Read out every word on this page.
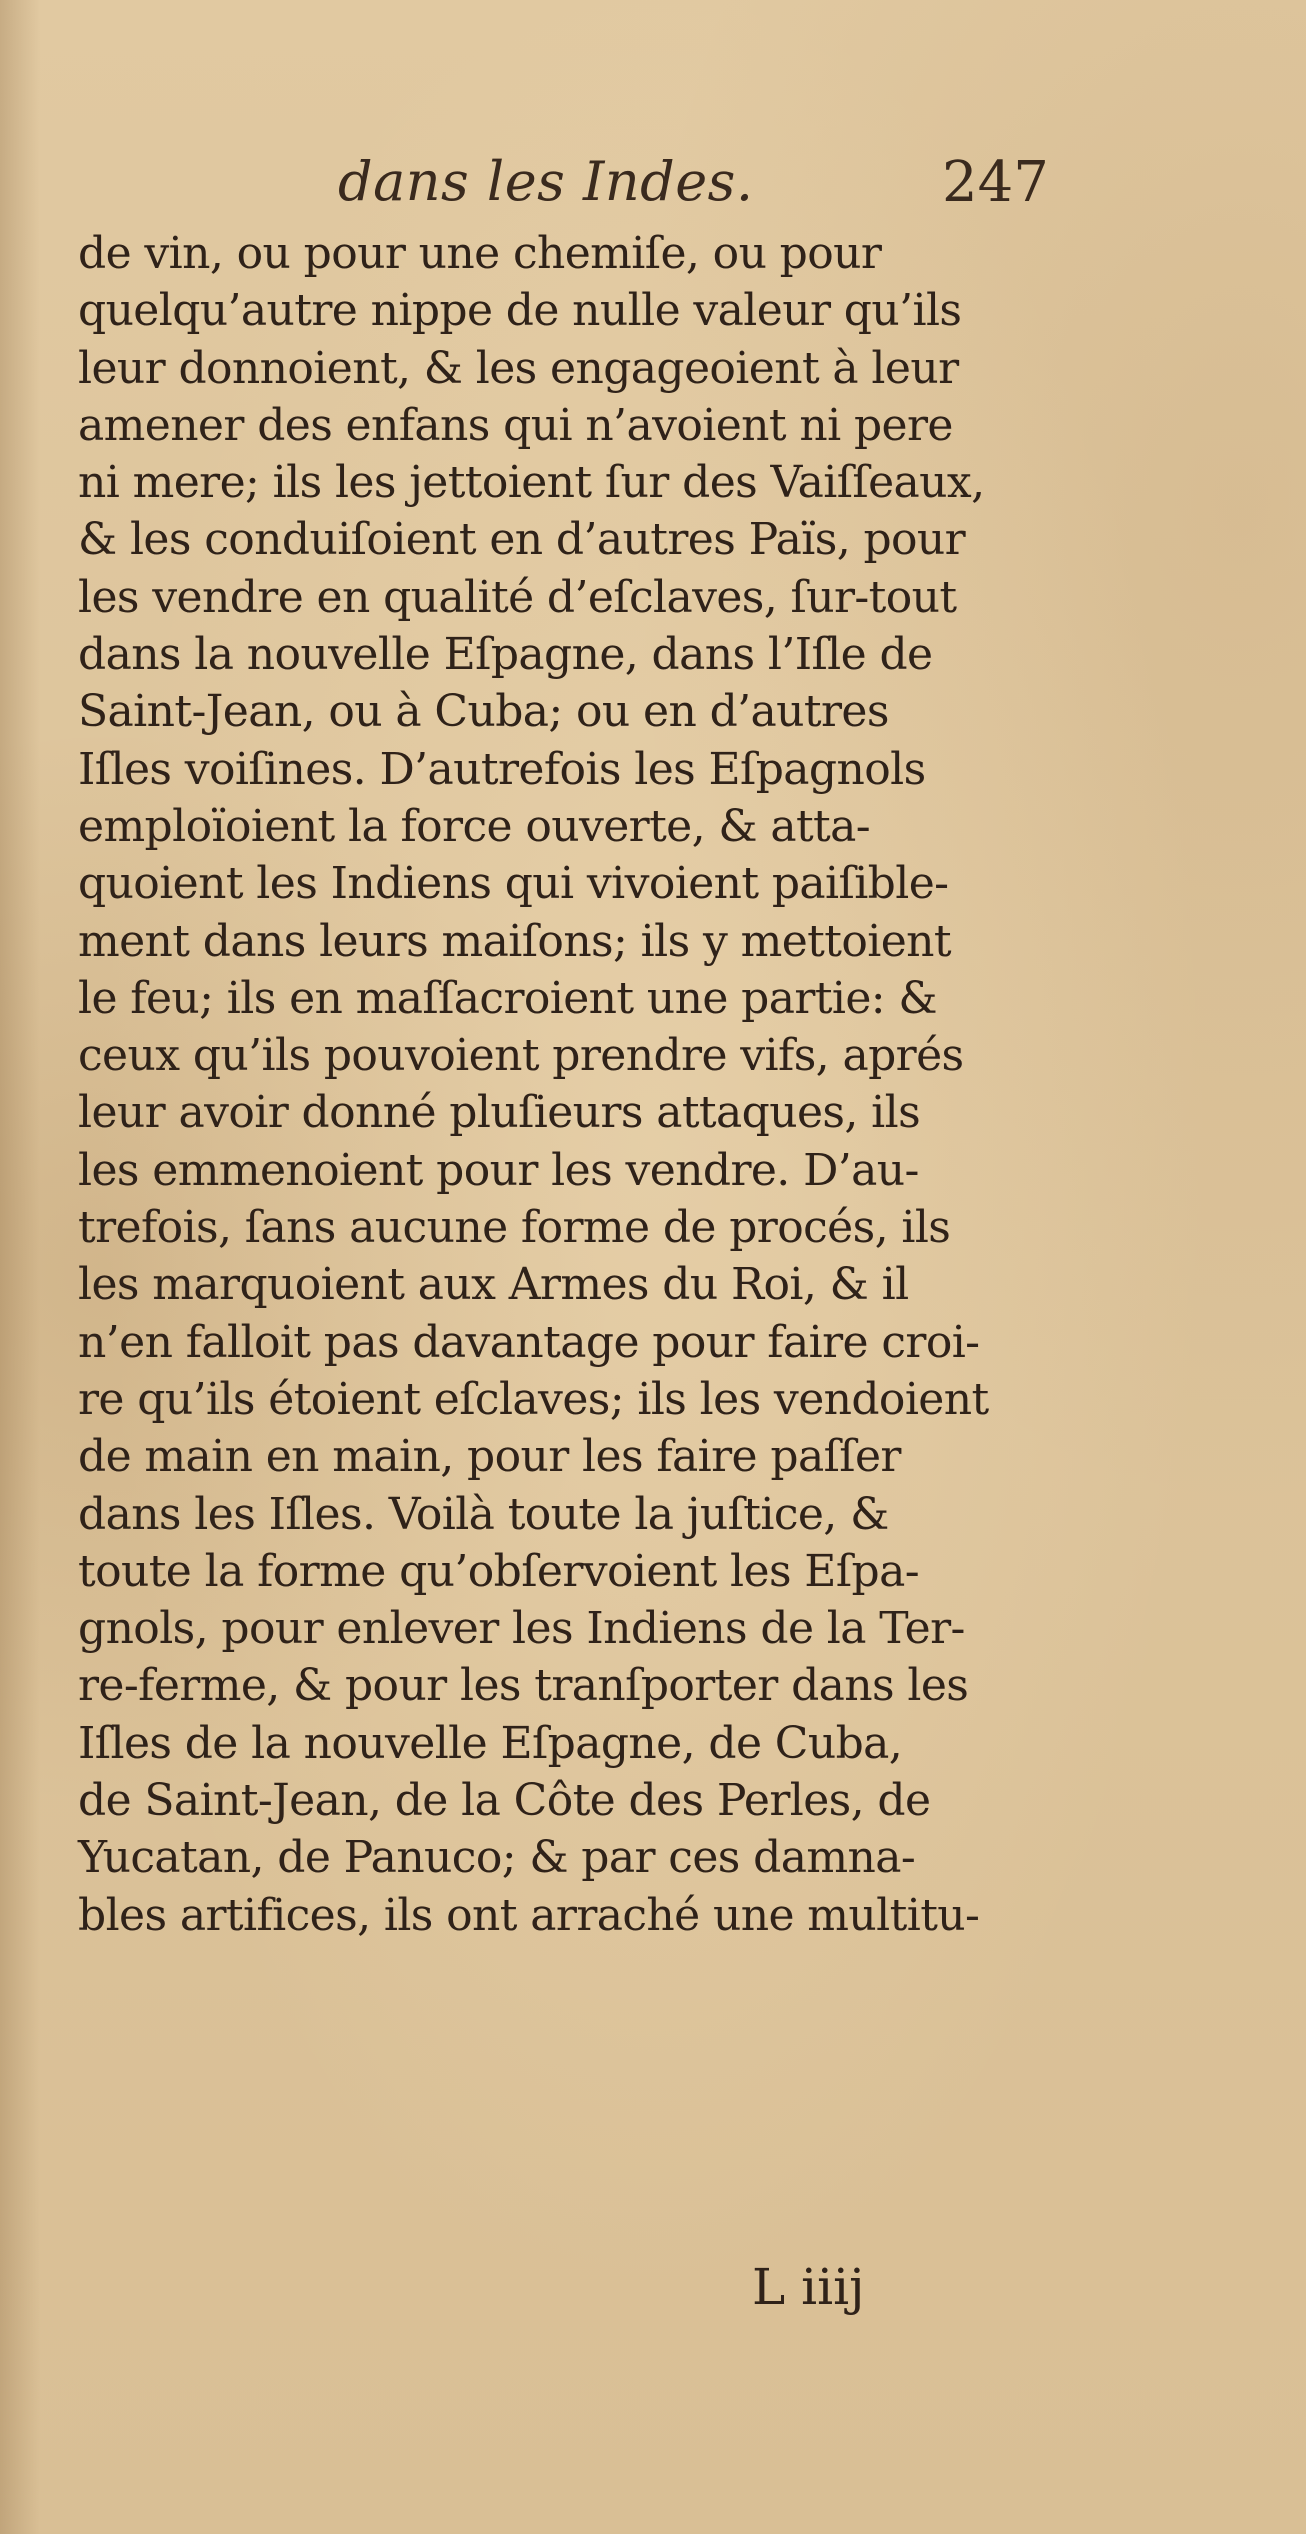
dans les Indes.	247
de vin, ou pour une chemiſe, ou pour
quelqu’autre nippe de nulle valeur qu’ils
leur donnoient, & les engageoient à leur
amener des enfans qui n’avoient ni pere
ni mere; ils les jettoient ſur des Vaiſſeaux,
& les conduiſoient en d’autres Païs, pour
les vendre en qualité d’eſclaves, ſur-tout
dans la nouvelle Eſpagne, dans l’Iſle de
Saint-Jean, ou à Cuba; ou en d’autres
Iſles voiſines. D’autrefois les Eſpagnols
emploïoient la force ouverte, & atta-
quoient les Indiens qui vivoient paiſible-
ment dans leurs maiſons; ils y mettoient
le feu; ils en maſſacroient une partie: &
ceux qu’ils pouvoient prendre vifs, aprés
leur avoir donné pluſieurs attaques, ils
les emmenoient pour les vendre. D’au-
trefois, ſans aucune forme de procés, ils
les marquoient aux Armes du Roi, & il
n’en falloit pas davantage pour faire croi-
re qu’ils étoient eſclaves; ils les vendoient
de main en main, pour les faire paſſer
dans les Iſles. Voilà toute la juſtice, &
toute la forme qu’obſervoient les Eſpa-
gnols, pour enlever les Indiens de la Ter-
re-ferme, & pour les tranſporter dans les
Iſles de la nouvelle Eſpagne, de Cuba,
de Saint-Jean, de la Côte des Perles, de
Yucatan, de Panuco; & par ces damna-
bles artifices, ils ont arraché une multitu-
L iiij
